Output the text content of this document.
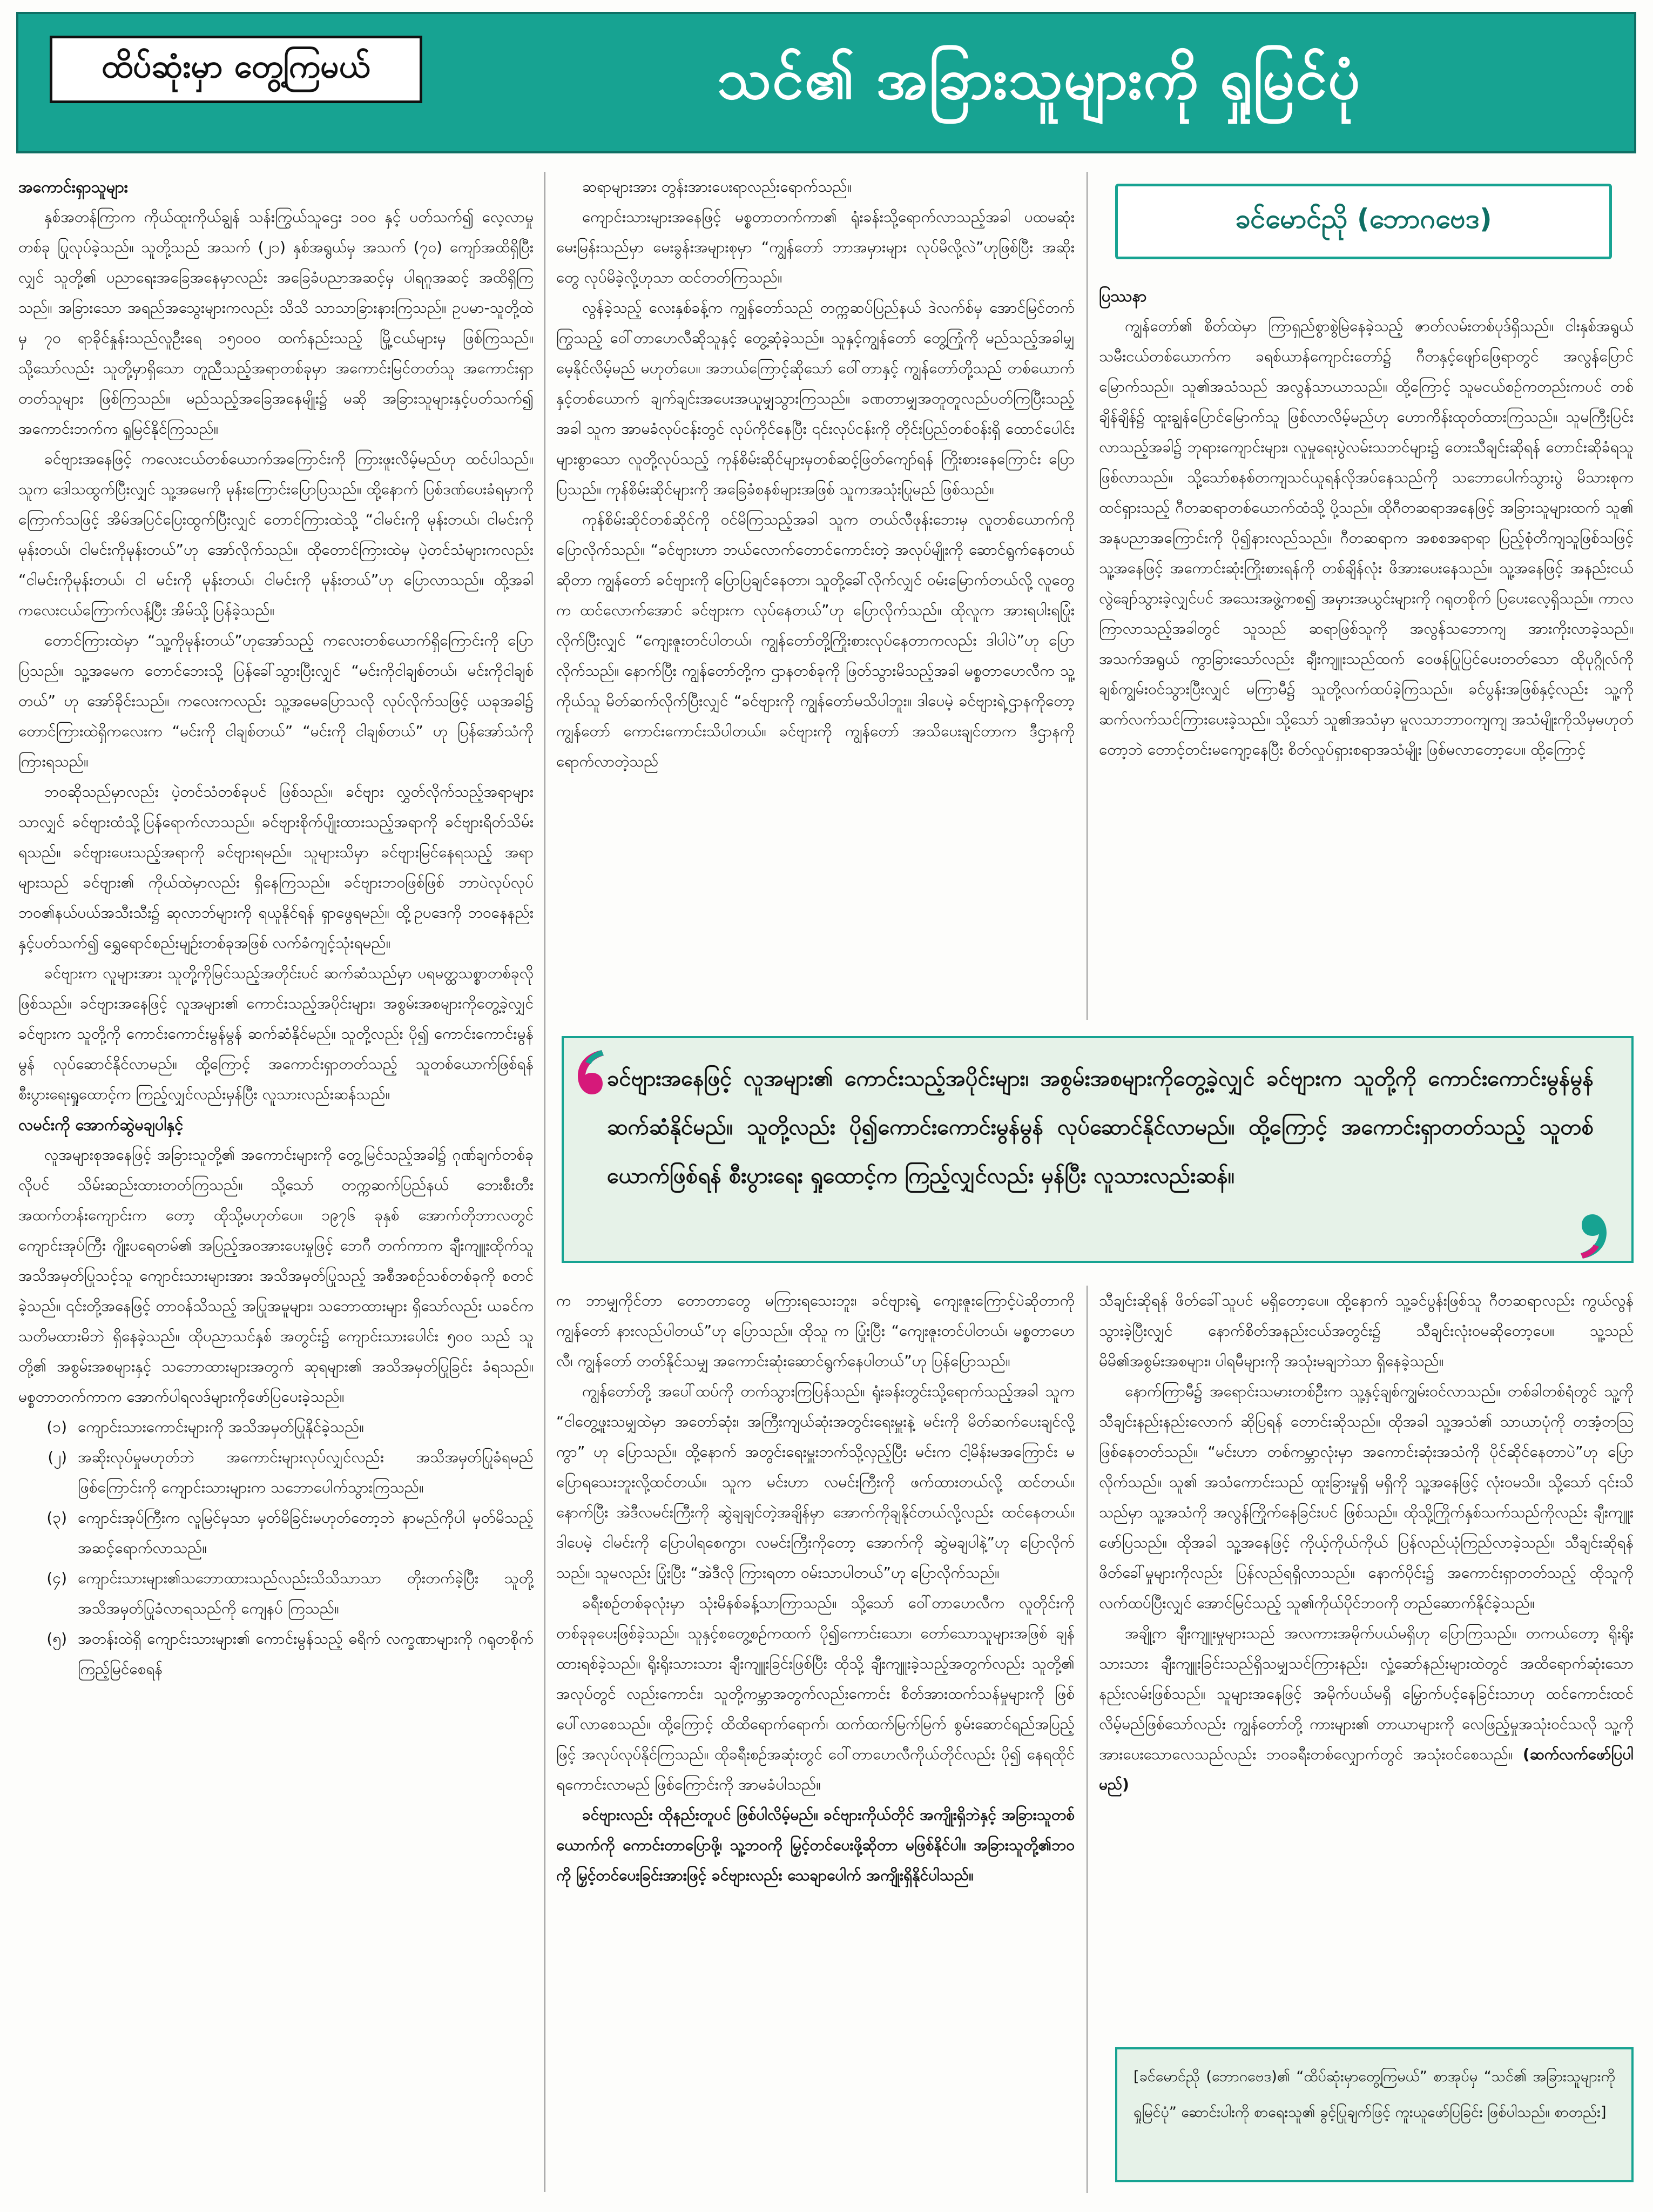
ထိပ်ဆုံးမှာ တွေ့ကြမယ်	သင်၏ အခြားသူများကို ရှုမြင်ပုံ
အကောင်းရှာသူများ

နှစ်အတန်ကြာက ကိုယ်ထူးကိုယ်ချွန် သန်းကြွယ်သူဌေး ၁၀၀ နှင့် ပတ်သက်၍ လေ့လာမှုတစ်ခု ပြုလုပ်ခဲ့သည်။ သူတို့သည် အသက် (၂၁) နှစ်အရွယ်မှ အသက် (၇၀) ကျော်အထိရှိပြီးလျှင် သူတို့၏ ပညာရေးအခြေအနေမှာလည်း အခြေခံပညာအဆင့်မှ ပါရဂူအဆင့် အထိရှိကြသည်။ အခြားသော အရည်အသွေးများကလည်း သိသိ သာသာခြားနားကြသည်။ ဥပမာ-သူတို့ထဲမှ ၇၀ ရာခိုင်နှုန်းသည်လူဦးရေ ၁၅၀၀၀ ထက်နည်းသည့် မြို့ငယ်များမှ ဖြစ်ကြသည်။ သို့သော်လည်း သူတို့မှာရှိသော တူညီသည့်အရာတစ်ခုမှာ အကောင်းမြင်တတ်သူ အကောင်းရှာတတ်သူများ ဖြစ်ကြသည်။ မည်သည့်အခြေအနေမျိုး၌ မဆို အခြားသူများနှင့်ပတ်သက်၍ အကောင်းဘက်က ရှုမြင်နိုင်ကြသည်။

ခင်ဗျားအနေဖြင့် ကလေးငယ်တစ်ယောက်အကြောင်းကို ကြားဖူးလိမ့်မည်ဟု ထင်ပါသည်။ သူက ဒေါသထွက်ပြီးလျှင် သူ့အမေကို မုန်းကြောင်းပြောပြသည်။ ထို့နောက် ပြစ်ဒဏ်ပေးခံရမှာကို ကြောက်သဖြင့် အိမ်အပြင်ပြေးထွက်ပြီးလျှင် တောင်ကြားထဲသို့ “ငါမင်းကို မုန်းတယ်၊ ငါမင်းကိုမုန်းတယ်၊ ငါမင်းကိုမုန်းတယ်”ဟု အော်လိုက်သည်။ ထိုတောင်ကြားထဲမှ ပဲ့တင်သံများကလည်း “ငါမင်းကိုမုန်းတယ်၊ ငါ မင်းကို မုန်းတယ်၊ ငါမင်းကို မုန်းတယ်”ဟု ပြောလာသည်။ ထို့အခါ ကလေးငယ်ကြောက်လန့်ပြီး အိမ်သို့ ပြန်ခဲ့သည်။

တောင်ကြားထဲမှာ “သူ့ကိုမုန်းတယ်”ဟုအော်သည့် ကလေးတစ်ယောက်ရှိကြောင်းကို ပြောပြသည်။ သူ့အမေက တောင်ဘေးသို့ ပြန်ခေါ်သွားပြီးလျှင် “မင်းကိုငါချစ်တယ်၊ မင်းကိုငါချစ်တယ်” ဟု အော်ခိုင်းသည်။ ကလေးကလည်း သူ့အမေပြောသလို လုပ်လိုက်သဖြင့် ယခုအခါ၌ တောင်ကြားထဲရှိကလေးက “မင်းကို ငါချစ်တယ်” “မင်းကို ငါချစ်တယ်” ဟု ပြန်အော်သံကို ကြားရသည်။

ဘဝဆိုသည်မှာလည်း ပဲ့တင်သံတစ်ခုပင် ဖြစ်သည်။ ခင်ဗျား လွှတ်လိုက်သည့်အရာများသာလျှင် ခင်ဗျားထံသို့ပြန်ရောက်လာသည်။ ခင်ဗျားစိုက်ပျိုးထားသည့်အရာကို ခင်ဗျားရိတ်သိမ်းရသည်။ ခင်ဗျားပေးသည့်အရာကို ခင်ဗျားရမည်။ သူများသိမှာ ခင်ဗျားမြင်နေရသည့် အရာများသည် ခင်ဗျား၏ ကိုယ်ထဲမှာလည်း ရှိနေကြသည်။ ခင်ဗျားဘဝဖြစ်ဖြစ် ဘာပဲလုပ်လုပ် ဘဝ၏နယ်ပယ်အသီးသီး၌ ဆုလာဘ်များကို ရယူနိုင်ရန် ရှာဖွေရမည်။ ထို့ဥပဒေကို ဘဝနေနည်းနှင့်ပတ်သက်၍ ရွှေရောင်စည်းမျဉ်းတစ်ခုအဖြစ် လက်ခံကျင့်သုံးရမည်။

ခင်ဗျားက လူများအား သူတို့ကိုမြင်သည့်အတိုင်းပင် ဆက်ဆံသည်မှာ ပရမတ္ထသစ္စာတစ်ခုလို ဖြစ်သည်။ ခင်ဗျားအနေဖြင့် လူအများ၏ ကောင်းသည့်အပိုင်းများ၊ အစွမ်းအစများကိုတွေ့ခဲ့လျှင် ခင်ဗျားက သူတို့ကို ကောင်းကောင်းမွန်မွန် ဆက်ဆံနိုင်မည်။ သူတို့လည်း ပို၍ ကောင်းကောင်းမွန်မွန် လုပ်ဆောင်နိုင်လာမည်။ ထို့ကြောင့် အကောင်းရှာတတ်သည့် သူတစ်ယောက်ဖြစ်ရန် စီးပွားရေးရှုထောင့်က ကြည့်လျှင်လည်းမှန်ပြီး လူသားလည်းဆန်သည်။

လမင်းကို အောက်ဆွဲမချပါနှင့်

လူအများစုအနေဖြင့် အခြားသူတို့၏ အကောင်းများကို တွေ့မြင်သည့်အခါ၌ ဂုဏ်ချက်တစ်ခုလိုပင် သိမ်းဆည်းထားတတ်ကြသည်။ သို့သော် တက္ကဆက်ပြည်နယ် ဘေးစီးတီး အထက်တန်းကျောင်းက တော့ ထိုသို့မဟုတ်ပေ။ ၁၉၇၆ ခုနှစ် အောက်တိုဘာလတွင် ကျောင်းအုပ်ကြီး ဂျိုးပရေတမ်၏ အပြည့်အဝအားပေးမှုဖြင့် ဘေဂီ တက်ကာက ချီးကျူးထိုက်သူ အသိအမှတ်ပြုသင့်သူ ကျောင်းသားများအား အသိအမှတ်ပြုသည့် အစီအစဉ်သစ်တစ်ခုကို စတင်ခဲ့သည်။ ၎င်းတို့အနေဖြင့် တာဝန်သိသည့် အပြုအမူများ၊ သဘောထားများ ရှိသော်လည်း ယခင်က သတိမထားမိဘဲ ရှိနေခဲ့သည်။ ထိုပညာသင်နှစ် အတွင်း၌ ကျောင်းသားပေါင်း ၅၀၀ သည် သူတို့၏ အစွမ်းအစများနှင့် သဘောထားများအတွက် ဆုရများ၏ အသိအမှတ်ပြုခြင်း ခံရသည်။ မစ္စတာတက်ကာက အောက်ပါရလဒ်များကိုဖော်ပြပေးခဲ့သည်။

(၁) ကျောင်းသားကောင်းများကို အသိအမှတ်ပြုနိုင်ခဲ့သည်။
(၂) အဆိုးလုပ်မှုမဟုတ်ဘဲ အကောင်းများလုပ်လျှင်လည်း အသိအမှတ်ပြုခံရမည်ဖြစ်ကြောင်းကို ကျောင်းသားများက သဘောပေါက်သွားကြသည်။
(၃) ကျောင်းအုပ်ကြီးက လူမြင်မှသာ မှတ်မိခြင်းမဟုတ်တော့ဘဲ နာမည်ကိုပါ မှတ်မိသည့်အဆင့်ရောက်လာသည်။
(၄) ကျောင်းသားများ၏သဘောထားသည်လည်းသိသိသာသာ တိုးတက်ခဲ့ပြီး သူတို့ အသိအမှတ်ပြုခံလာရသည်ကို ကျေနပ် ကြသည်။
(၅) အတန်းထဲရှိ ကျောင်းသားများ၏ ကောင်းမွန်သည့် ဓရိက် လက္ခဏာများကို ဂရုတစိုက် ကြည့်မြင်စေရန်

ဆရာများအား တွန်းအားပေးရာလည်းရောက်သည်။

ကျောင်းသားများအနေဖြင့် မစ္စတာတက်ကာ၏ ရုံးခန်းသို့ရောက်လာသည့်အခါ ပထမဆုံးမေးမြန်းသည်မှာ မေးခွန်းအများစုမှာ “ကျွန်တော် ဘာအမှားများ လုပ်မိလို့လဲ”ဟုဖြစ်ပြီး အဆိုးတွေ လုပ်မိခဲ့လို့ဟုသာ ထင်တတ်ကြသည်။

လွန်ခဲ့သည့် လေးနှစ်ခန့်က ကျွန်တော်သည် တက္ကဆပ်ပြည်နယ် ဒဲလက်စ်မှ အောင်မြင်တက်ကြွသည့် ဝေါ်တာဟေလီဆိုသူနှင့် တွေ့ဆုံခဲ့သည်။ သူနှင့်ကျွန်တော် တွေ့ကြုံကို မည်သည့်အခါမျှ မေ့နိုင်လိမ့်မည် မဟုတ်ပေ။ အဘယ်ကြောင့်ဆိုသော် ဝေါ်တာနှင့် ကျွန်တော်တို့သည် တစ်ယောက်နှင့်တစ်ယောက် ချက်ချင်းအပေးအယူမျှသွားကြသည်။ ခဏတာမျှအတူတူလည်ပတ်ကြပြီးသည့်အခါ သူက အာမခံလုပ်ငန်းတွင် လုပ်ကိုင်နေပြီး ၎င်းလုပ်ငန်းကို တိုင်းပြည်တစ်ဝန်းရှိ ထောင်ပေါင်းများစွာသော လူတို့လုပ်သည့် ကုန်စိမ်းဆိုင်များမှတစ်ဆင့်ဖြတ်ကျော်ရန် ကြိုးစားနေကြောင်း ပြောပြသည်။ ကုန်စိမ်းဆိုင်များကို အခြေခံစနစ်များအဖြစ် သူကအသုံးပြုမည် ဖြစ်သည်။

ကုန်စိမ်းဆိုင်တစ်ဆိုင်ကို ဝင်မိကြသည့်အခါ သူက တယ်လီဖုန်းဘေးမှ လူတစ်ယောက်ကို ပြောလိုက်သည်။ “ခင်ဗျားဟာ ဘယ်လောက်တောင်ကောင်းတဲ့ အလုပ်မျိုးကို ဆောင်ရွက်နေတယ်ဆိုတာ ကျွန်တော် ခင်ဗျားကို ပြောပြချင်နေတာ၊ သူတို့ခေါ်လိုက်လျှင် ဝမ်းမြောက်တယ်လို့ လူတွေက ထင်လောက်အောင် ခင်ဗျားက လုပ်နေတယ်”ဟု ပြောလိုက်သည်။ ထိုလူက အားရပါးရပြုံးလိုက်ပြီးလျှင် “ကျေးဇူးတင်ပါတယ်၊ ကျွန်တော်တို့ကြိုးစားလုပ်နေတာကလည်း ဒါပါပဲ”ဟု ပြောလိုက်သည်။ နောက်ပြီး ကျွန်တော်တို့က ဌာနတစ်ခုကို ဖြတ်သွားမိသည့်အခါ မစ္စတာဟေလီက သူ့ကိုယ်သူ မိတ်ဆက်လိုက်ပြီးလျှင် “ခင်ဗျားကို ကျွန်တော်မသိပါဘူး။ ဒါပေမဲ့ ခင်ဗျားရဲ့ဌာနကိုတော့ ကျွန်တော် ကောင်းကောင်းသိပါတယ်။ ခင်ဗျားကို ကျွန်တော် အသိပေးချင်တာက ဒီဌာနကို ရောက်လာတဲ့သည်

ခင်မောင်ညို (ဘောဂဗေဒ)
ပြဿနာ

ကျွန်တော်၏ စိတ်ထဲမှာ ကြာရှည်စွာစွဲမြဲနေခဲ့သည့် ဇာတ်လမ်းတစ်ပုဒ်ရှိသည်။ ငါးနှစ်အရွယ် သမီးငယ်တစ်ယောက်က ခရစ်ယာန်ကျောင်းတော်၌ ဂီတနှင့်ဖျော်ဖြေရာတွင် အလွန်ပြောင်မြောက်သည်။ သူ၏အသံသည် အလွန်သာယာသည်။ ထို့ကြောင့် သူမငယ်စဉ်ကတည်းကပင် တစ်ချိန်ချိန်၌ ထူးချွန်ပြောင်မြောက်သူ ဖြစ်လာလိမ့်မည်ဟု ဟောကိန်းထုတ်ထားကြသည်။ သူမကြီးပြင်းလာသည့်အခါ၌ ဘုရားကျောင်းများ၊ လူမှုရေးပွဲလမ်းသဘင်များ၌ တေးသီချင်းဆိုရန် တောင်းဆိုခံရသူ ဖြစ်လာသည်။ သို့သော်စနစ်တကျသင်ယူရန်လိုအပ်နေသည်ကို သဘောပေါက်သွားပွဲ မိသားစုက ထင်ရှားသည့် ဂီတဆရာတစ်ယောက်ထံသို့ ပို့သည်။ ထိုဂီတဆရာအနေဖြင့် အခြားသူများထက် သူ၏ အနုပညာအကြောင်းကို ပို၍နားလည်သည်။ ဂီတဆရာက အစစအရာရာ ပြည့်စုံတိကျသူဖြစ်သဖြင့် သူ့အနေဖြင့် အကောင်းဆုံးကြိုးစားရန်ကို တစ်ချိန်လုံး ဖိအားပေးနေသည်။ သူ့အနေဖြင့် အနည်းငယ်လွဲချော်သွားခဲ့လျှင်ပင် အသေးအဖွဲ့ကစ၍ အမှားအယွင်းများကို ဂရုတစိုက် ပြပေးလေ့ရှိသည်။ ကာလကြာလာသည့်အခါတွင် သူသည် ဆရာဖြစ်သူကို အလွန်သဘောကျ အားကိုးလာခဲ့သည်။ အသက်အရွယ် ကွာခြားသော်လည်း ချီးကျူးသည်ထက် ဝေဖန်ပြုပြင်ပေးတတ်သော ထိုပုဂ္ဂိုလ်ကို ချစ်ကျွမ်းဝင်သွားပြီးလျှင် မကြာမီ၌ သူတို့လက်ထပ်ခဲ့ကြသည်။ ခင်ပွန်းအဖြစ်နှင့်လည်း သူ့ကို ဆက်လက်သင်ကြားပေးခဲ့သည်။ သို့သော် သူ၏အသံမှာ မူလသာဘာဝကျကျ အသံမျိုးကိုသိမှမဟုတ်တော့ဘဲ တောင့်တင်းမကျော့နေပြီး စိတ်လှုပ်ရှားစရာအသံမျိုး ဖြစ်မလာတော့ပေ။ ထို့ကြောင့်

ခင်ဗျားအနေဖြင့် လူအများ၏ ကောင်းသည့်အပိုင်းများ၊ အစွမ်းအစများကိုတွေ့ခဲ့လျှင် ခင်ဗျားက သူတို့ကို ကောင်းကောင်းမွန်မွန် ဆက်ဆံနိုင်မည်။ သူတို့လည်း ပို၍ကောင်းကောင်းမွန်မွန် လုပ်ဆောင်နိုင်လာမည်။ ထို့ကြောင့် အကောင်းရှာတတ်သည့် သူတစ်ယောက်ဖြစ်ရန် စီးပွားရေး ရှုထောင့်က ကြည့်လျှင်လည်း မှန်ပြီး လူသားလည်းဆန်။

က ဘာမျှကိုင်တာ တောတာတွေ မကြားရသေးဘူး၊ ခင်ဗျားရဲ့ ကျေးဇူးကြောင့်ပဲဆိုတာကို ကျွန်တော် နားလည်ပါတယ်”ဟု ပြောသည်။ ထိုသူ က ပြုံးပြီး “ကျေးဇူးတင်ပါတယ်၊ မစ္စတာဟေလီ၊ ကျွန်တော် တတ်နိုင်သမျှ အကောင်းဆုံးဆောင်ရွက်နေပါတယ်”ဟု ပြန်ပြောသည်။

ကျွန်တော်တို့ အပေါ်ထပ်ကို တက်သွားကြပြန်သည်။ ရုံးခန်းတွင်းသို့ရောက်သည့်အခါ သူက “ငါတွေ့ဖူးသမျှထဲမှာ အတော်ဆုံး၊ အကြီးကျယ်ဆုံးအတွင်းရေးမှူးနဲ့ မင်းကို မိတ်ဆက်ပေးချင်လို့ကွာ” ဟု ပြောသည်။ ထို့နောက် အတွင်းရေးမှူးဘက်သို့လှည့်ပြီး မင်းက ငါ့မိန်းမအကြောင်း မပြောရသေးဘူးလို့ထင်တယ်။ သူက မင်းဟာ လမင်းကြီးကို ဖက်ထားတယ်လို့ ထင်တယ်။ နောက်ပြီး အဲဒီလမင်းကြီးကို ဆွဲချချင်တဲ့အချိန်မှာ အောက်ကိုချနိုင်တယ်လို့လည်း ထင်နေတယ်။ ဒါပေမဲ့ ငါမင်းကို ပြောပါရစေကွာ၊ လမင်းကြီးကိုတော့ အောက်ကို ဆွဲမချပါနဲ့”ဟု ပြောလိုက်သည်။ သူမလည်း ပြုံးပြီး “အဲဒီလို ကြားရတာ ဝမ်းသာပါတယ်”ဟု ပြောလိုက်သည်။

ခရီးစဉ်တစ်ခုလုံးမှာ သုံးမိနစ်ခန့်သာကြာသည်။ သို့သော် ဝေါ်တာဟေလီက လူတိုင်းကို တစ်ခုခုပေးဖြစ်ခဲ့သည်။ သူနှင့်စတွေ့စဉ်ကထက် ပို၍ကောင်းသော၊ တော်သောသူများအဖြစ် ချန်ထားရစ်ခဲ့သည်။ ရိုးရိုးသားသား ချီးကျူးခြင်းဖြစ်ပြီး ထိုသို့ ချီးကျူးခဲ့သည့်အတွက်လည်း သူတို့၏ အလုပ်တွင် လည်းကောင်း၊ သူတို့ကမ္ဘာအတွက်လည်းကောင်း စိတ်အားထက်သန်မှုများကို ဖြစ်ပေါ်လာစေသည်။ ထို့ကြောင့် ထိထိရောက်ရောက်၊ ထက်ထက်မြက်မြက် စွမ်းဆောင်ရည်အပြည့်ဖြင့် အလုပ်လုပ်နိုင်ကြသည်။ ထိုခရီးစဉ်အဆုံးတွင် ဝေါ်တာဟေလီကိုယ်တိုင်လည်း ပို၍ နေရထိုင်ရကောင်းလာမည် ဖြစ်ကြောင်းကို အာမခံပါသည်။

ခင်ဗျားလည်း ထိုနည်းတူပင် ဖြစ်ပါလိမ့်မည်။ ခင်ဗျားကိုယ်တိုင် အကျိုးရှိဘဲနှင့် အခြားသူတစ်ယောက်ကို ကောင်းတာပြောဖို့၊ သူ့ဘဝကို မြှင့်တင်ပေးဖို့ဆိုတာ မဖြစ်နိုင်ပါ။ အခြားသူတို့၏ဘဝကို မြှင့်တင်ပေးခြင်းအားဖြင့် ခင်ဗျားလည်း သေချာပေါက် အကျိုးရှိနိုင်ပါသည်။

သီချင်းဆိုရန် ဖိတ်ခေါ်သူပင် မရှိတော့ပေ။ ထို့နောက် သူ့ခင်ပွန်းဖြစ်သူ ဂီတဆရာလည်း ကွယ်လွန်သွားခဲ့ပြီးလျှင် နောက်စိတ်အနည်းငယ်အတွင်း၌ သီချင်းလုံးဝမဆိုတော့ပေ။ သူ့သည် မိမိ၏အစွမ်းအစများ၊ ပါရမီများကို အသုံးမချဘဲသာ ရှိနေခဲ့သည်။

နောက်ကြာမီ၌ အရောင်းသမားတစ်ဦးက သူ့နှင့်ချစ်ကျွမ်းဝင်လာသည်။ တစ်ခါတစ်ရံတွင် သူ့ကို သီချင်းနည်းနည်းလောက် ဆိုပြရန် တောင်းဆိုသည်။ ထိုအခါ သူ့အသံ၏ သာယာပုံကို တအံ့တသြ ဖြစ်နေတတ်သည်။ “မင်းဟာ တစ်ကမ္ဘာလုံးမှာ အကောင်းဆုံးအသံကို ပိုင်ဆိုင်နေတာပဲ”ဟု ပြောလိုက်သည်။ သူ၏ အသံကောင်းသည် ထူးခြားမှုရှိ မရှိကို သူ့အနေဖြင့် လုံးဝမသိ။ သို့သော် ၎င်းသိသည်မှာ သူ့အသံကို အလွန်ကြိုက်နေခြင်းပင် ဖြစ်သည်။ ထိုသို့ကြိုက်နှစ်သက်သည်ကိုလည်း ချီးကျူးဖော်ပြသည်။ ထိုအခါ သူ့အနေဖြင့် ကိုယ့်ကိုယ်ကိုယ် ပြန်လည်ယုံကြည်လာခဲ့သည်။ သီချင်းဆိုရန် ဖိတ်ခေါ်မှုများကိုလည်း ပြန်လည်ရရှိလာသည်။ နောက်ပိုင်း၌ အကောင်းရှာတတ်သည့် ထိုသူကိုလက်ထပ်ပြီးလျှင် အောင်မြင်သည့် သူ၏ကိုယ်ပိုင်ဘဝကို တည်ဆောက်နိုင်ခဲ့သည်။

အချို့က ချီးကျူးမှုများသည် အလကားအမိုက်ပယ်မရှိဟု ပြောကြသည်။ တကယ်တော့ ရိုးရိုးသားသား ချီးကျူးခြင်းသည်ရှိသမျှသင်ကြားနည်း၊ လှုံ့ဆော်နည်းများထဲတွင် အထိရောက်ဆုံးသော နည်းလမ်းဖြစ်သည်။ သူများအနေဖြင့် အမိုက်ပယ်မရှိ မြှောက်ပင့်နေခြင်းသာဟု ထင်ကောင်းထင်လိမ့်မည်ဖြစ်သော်လည်း ကျွန်တော်တို့ ကားများ၏ တာယာများကို လေဖြည့်မှုအသုံးဝင်သလို သူ့ကို အားပေးသောလေသည်လည်း ဘဝခရီးတစ်လျှောက်တွင် အသုံးဝင်စေသည်။ (ဆက်လက်ဖော်ပြပါမည်)

[ခင်မောင်ညို (ဘောဂဗေဒ)၏ “ထိပ်ဆုံးမှာတွေ့ကြမယ်” စာအုပ်မှ “သင်၏ အခြားသူများကိုရှုမြင်ပုံ” ဆောင်းပါးကို စာရေးသူ၏ ခွင့်ပြုချက်ဖြင့် ကူးယူဖော်ပြခြင်း ဖြစ်ပါသည်။ စာတည်း]
